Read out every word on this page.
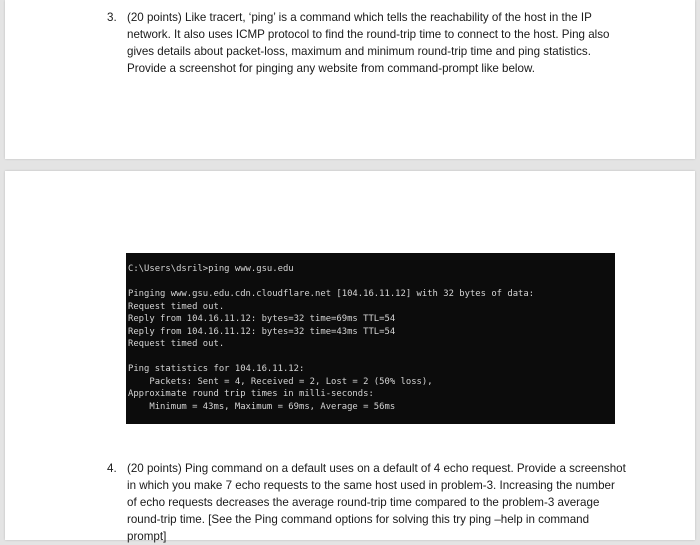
3. (20 points) Like tracert, ‘ping’ is a command which tells the reachability of the host in the IP
network. It also uses ICMP protocol to find the round-trip time to connect to the host. Ping also
gives details about packet-loss, maximum and minimum round-trip time and ping statistics.
Provide a screenshot for pinging any website from command-prompt like below.
C:\Users\dsril>ping www.gsu.edu
Pinging www.gsu.edu.cdn.cloudflare.net [104.16.11.12] with 32 bytes of data:
Request timed out.
Reply from 104.16.11.12: bytes=32 time=69ms TTL=54
Reply from 104.16.11.12: bytes=32 time=43ms TTL=54
Request timed out.
Ping statistics for 104.16.11.12:
Packets: Sent = 4, Received = 2, Lost = 2 (50% loss),
Approximate round trip times in milli-seconds:
Minimum = 43ms, Maximum = 69ms, Average = 56ms
4. (20 points) Ping command on a default uses on a default of 4 echo request. Provide a screenshot
in which you make 7 echo requests to the same host used in problem-3. Increasing the number
of echo requests decreases the average round-trip time compared to the problem-3 average
round-trip time. [See the Ping command options for solving this try ping –help in command
prompt]
